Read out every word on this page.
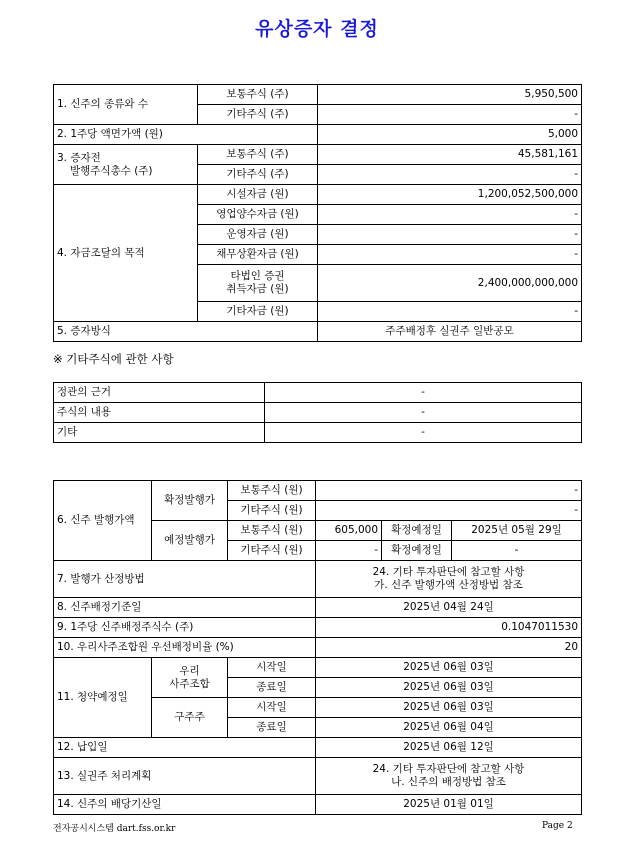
유상증자 결정
1. 신주의 종류와 수	보통주식 (주)	5,950,500
	기타주식 (주)	-
2. 1주당 액면가액 (원)		5,000

3. 증자전
발행주식총수 (주)	보통주식 (주)	45,581,161
	기타주식 (주)	-
4. 자금조달의 목적	시설자금 (원)	1,200,052,500,000
	영업양수자금 (원)	-
	운영자금 (원)	-
	채무상환자금 (원)	-

	타법인 증권
취득자금 (원)	2,400,000,000,000
	기타자금 (원)	-
5. 증자방식		주주배정후 실권주 일반공모
※ 기타주식에 관한 사항
정관의 근거	-
주식의 내용	-
기타	-
6. 신주 발행가액	확정발행가	보통주식 (원)	-		
		기타주식 (원)	-		
	예정발행가	보통주식 (원)	605,000	확정예정일	2025년 05월 29일
		기타주식 (원)	-	확정예정일	-
7. 발행가 산정방법			24. 기타 투자판단에 참고할 사항
가. 신주 발행가액 산정방법 참조		

8. 신주배정기준일			2025년 04월 24일		
9. 1주당 신주배정주식수 (주)			0.1047011530		
10. 우리사주조합원 우선배정비율 (%)			20		
11. 청약예정일	우리
사주조합	시작일	2025년 06월 03일		
		종료일	2025년 06월 03일		
	구주주	시작일	2025년 06월 03일		
		종료일	2025년 06월 04일		
12. 납입일			2025년 06월 12일		
13. 실권주 처리계획			24. 기타 투자판단에 참고할 사항
나. 신주의 배정방법 참조		

14. 신주의 배당기산일			2025년 01월 01일		
전자공시시스템 dart.fss.or.kr	Page 2
